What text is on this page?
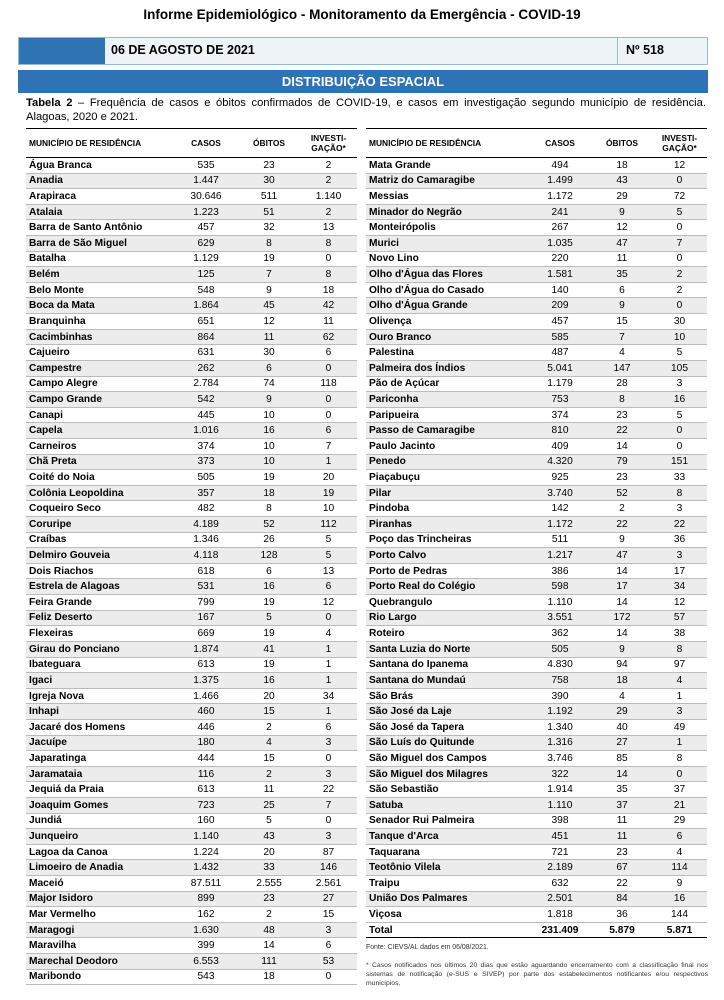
Informe Epidemiológico - Monitoramento da Emergência - COVID-19
06 DE AGOSTO DE 2021	Nº 518
DISTRIBUIÇÃO ESPACIAL
Tabela 2 – Frequência de casos e óbitos confirmados de COVID-19, e casos em investigação segundo município de residência. Alagoas, 2020 e 2021.
MUNICÍPIO DE RESIDÊNCIA	CASOS	ÓBITOS	INVESTI-
GAÇÃO*
Água Branca	535	23	2
Anadia	1.447	30	2
Arapiraca	30.646	511	1.140
Atalaia	1.223	51	2
Barra de Santo Antônio	457	32	13
Barra de São Miguel	629	8	8
Batalha	1.129	19	0
Belém	125	7	8
Belo Monte	548	9	18
Boca da Mata	1.864	45	42
Branquinha	651	12	11
Cacimbinhas	864	11	62
Cajueiro	631	30	6
Campestre	262	6	0
Campo Alegre	2.784	74	118
Campo Grande	542	9	0
Canapi	445	10	0
Capela	1.016	16	6
Carneiros	374	10	7
Chã Preta	373	10	1
Coité do Noia	505	19	20
Colônia Leopoldina	357	18	19
Coqueiro Seco	482	8	10
Coruripe	4.189	52	112
Craíbas	1.346	26	5
Delmiro Gouveia	4.118	128	5
Dois Riachos	618	6	13
Estrela de Alagoas	531	16	6
Feira Grande	799	19	12
Feliz Deserto	167	5	0
Flexeiras	669	19	4
Girau do Ponciano	1.874	41	1
Ibateguara	613	19	1
Igaci	1.375	16	1
Igreja Nova	1.466	20	34
Inhapi	460	15	1
Jacaré dos Homens	446	2	6
Jacuípe	180	4	3
Japaratinga	444	15	0
Jaramataia	116	2	3
Jequiá da Praia	613	11	22
Joaquim Gomes	723	25	7
Jundiá	160	5	0
Junqueiro	1.140	43	3
Lagoa da Canoa	1.224	20	87
Limoeiro de Anadia	1.432	33	146
Maceió	87.511	2.555	2.561
Major Isidoro	899	23	27
Mar Vermelho	162	2	15
Maragogi	1.630	48	3
Maravilha	399	14	6
Marechal Deodoro	6.553	111	53
Maribondo	543	18	0
MUNICÍPIO DE RESIDÊNCIA	CASOS	ÓBITOS	INVESTI-
GAÇÃO*
Mata Grande	494	18	12
Matriz do Camaragibe	1.499	43	0
Messias	1.172	29	72
Minador do Negrão	241	9	5
Monteirópolis	267	12	0
Murici	1.035	47	7
Novo Lino	220	11	0
Olho d'Água das Flores	1.581	35	2
Olho d'Água do Casado	140	6	2
Olho d'Água Grande	209	9	0
Olivença	457	15	30
Ouro Branco	585	7	10
Palestina	487	4	5
Palmeira dos Índios	5.041	147	105
Pão de Açúcar	1.179	28	3
Pariconha	753	8	16
Paripueira	374	23	5
Passo de Camaragibe	810	22	0
Paulo Jacinto	409	14	0
Penedo	4.320	79	151
Piaçabuçu	925	23	33
Pilar	3.740	52	8
Pindoba	142	2	3
Piranhas	1.172	22	22
Poço das Trincheiras	511	9	36
Porto Calvo	1.217	47	3
Porto de Pedras	386	14	17
Porto Real do Colégio	598	17	34
Quebrangulo	1.110	14	12
Rio Largo	3.551	172	57
Roteiro	362	14	38
Santa Luzia do Norte	505	9	8
Santana do Ipanema	4.830	94	97
Santana do Mundaú	758	18	4
São Brás	390	4	1
São José da Laje	1.192	29	3
São José da Tapera	1.340	40	49
São Luís do Quitunde	1.316	27	1
São Miguel dos Campos	3.746	85	8
São Miguel dos Milagres	322	14	0
São Sebastião	1.914	35	37
Satuba	1.110	37	21
Senador Rui Palmeira	398	11	29
Tanque d'Arca	451	11	6
Taquarana	721	23	4
Teotônio Vilela	2.189	67	114
Traipu	632	22	9
União Dos Palmares	2.501	84	16
Viçosa	1.818	36	144
Total	231.409	5.879	5.871
Fonte: CIEVS/AL dados em 06/08/2021.
* Casos notificados nos últimos 20 dias que estão aguardando encerramento com a classificação final nos sistemas de notificação (e-SUS e SIVEP) por parte dos estabelecimentos notificantes e/ou respectivos municípios.
